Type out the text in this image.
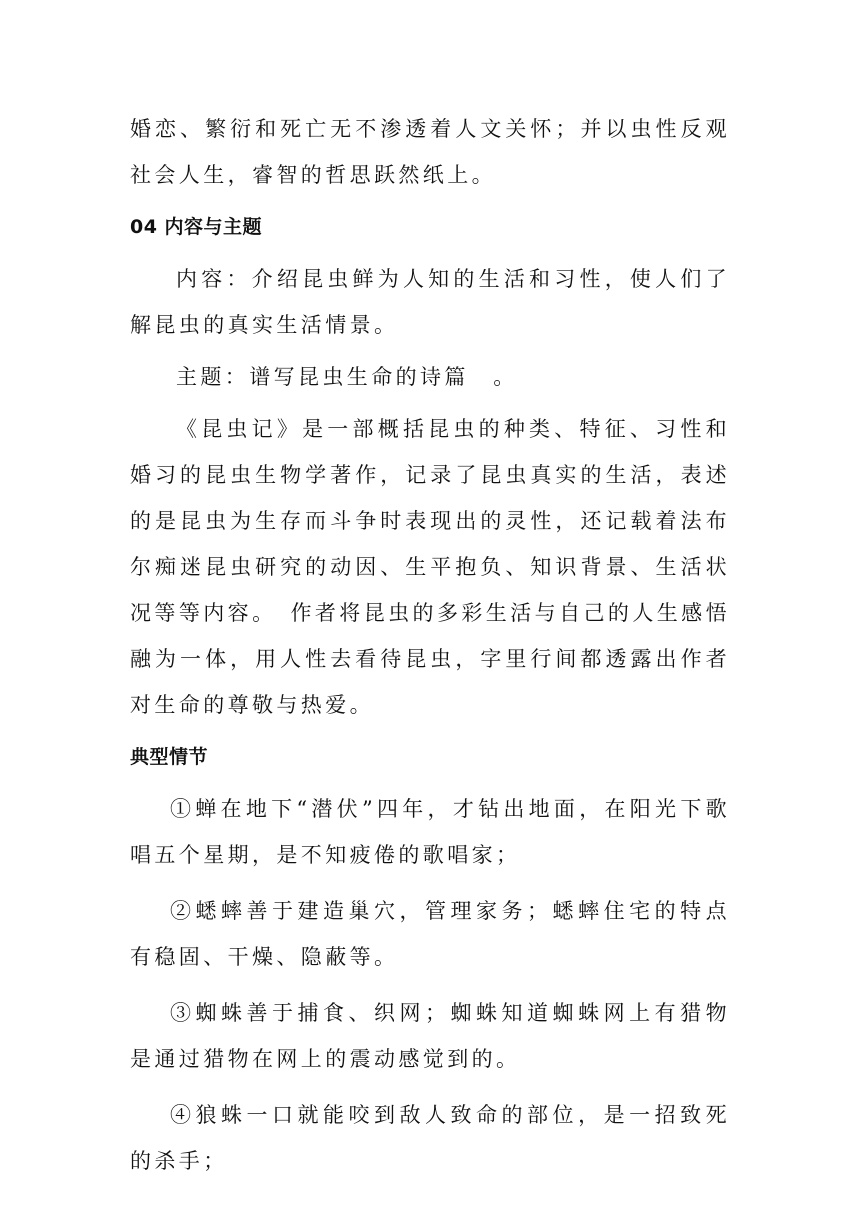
婚恋、繁衍和死亡无不渗透着人文关怀；并以虫性反观社会人生，睿智的哲思跃然纸上。

04 内容与主题

内容：介绍昆虫鲜为人知的生活和习性，使人们了解昆虫的真实生活情景。

主题：谱写昆虫生命的诗篇　。

《昆虫记》是一部概括昆虫的种类、特征、习性和婚习的昆虫生物学著作，记录了昆虫真实的生活，表述的是昆虫为生存而斗争时表现出的灵性，还记载着法布尔痴迷昆虫研究的动因、生平抱负、知识背景、生活状况等等内容。　作者将昆虫的多彩生活与自己的人生感悟融为一体，用人性去看待昆虫，字里行间都透露出作者对生命的尊敬与热爱。

典型情节

①蝉在地下“潜伏”四年，才钻出地面，在阳光下歌唱五个星期，是不知疲倦的歌唱家；

②蟋蟀善于建造巢穴，管理家务；蟋蟀住宅的特点有稳固、干燥、隐蔽等。

③蜘蛛善于捕食、织网；蜘蛛知道蜘蛛网上有猎物是通过猎物在网上的震动感觉到的。

④狼蛛一口就能咬到敌人致命的部位，是一招致死的杀手；
